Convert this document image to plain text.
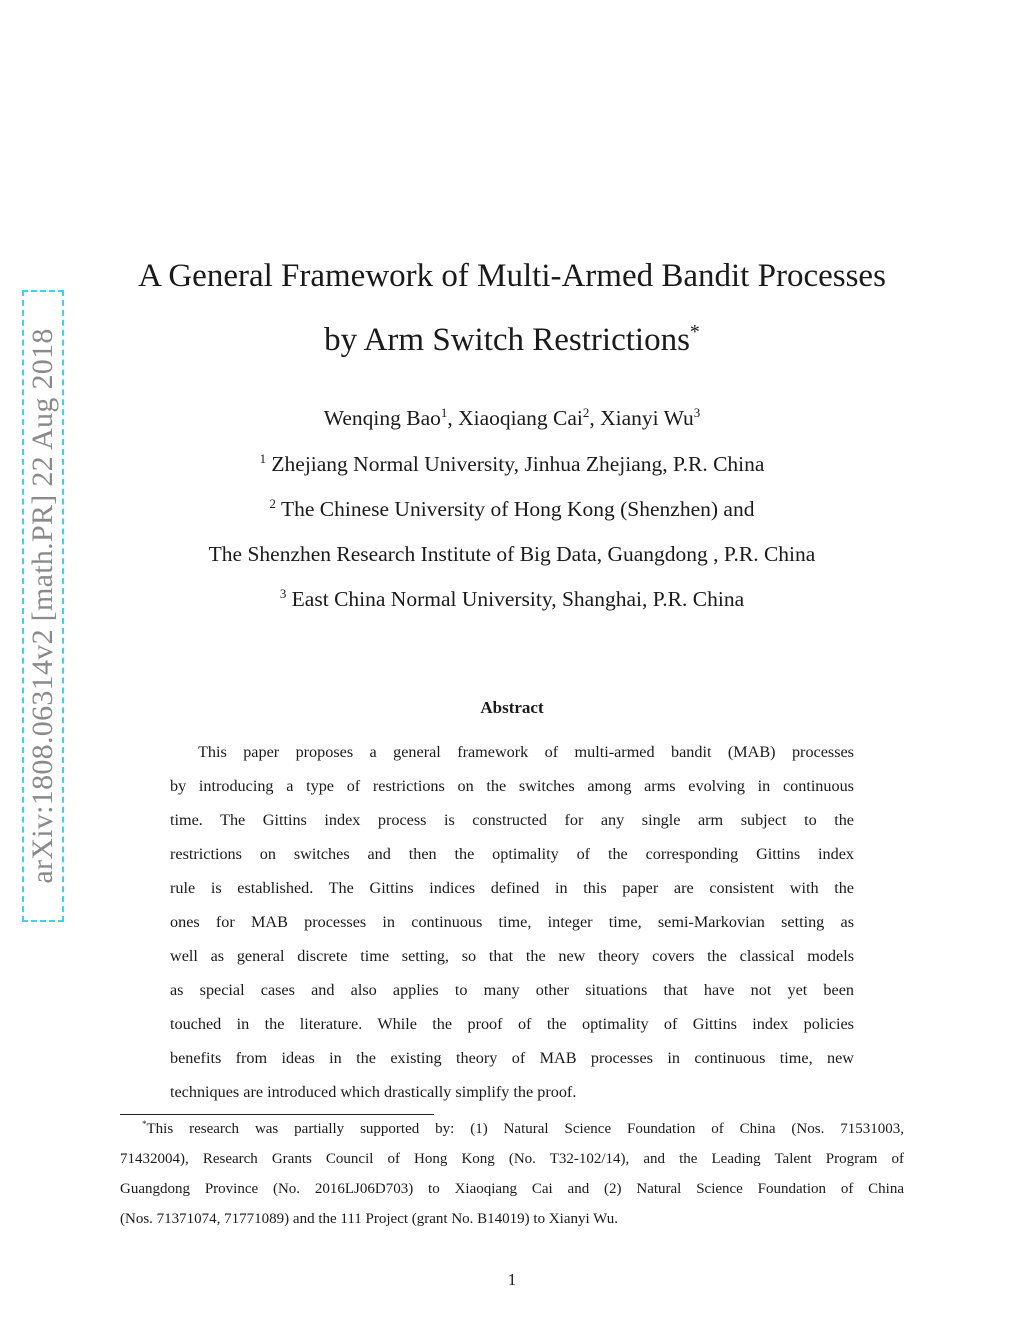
arXiv:1808.06314v2 [math.PR] 22 Aug 2018
A General Framework of Multi-Armed Bandit Processes
by Arm Switch Restrictions*
Wenqing Bao$^1$, Xiaoqiang Cai$^2$, Xianyi Wu$^3$
$^1$ Zhejiang Normal University, Jinhua Zhejiang, P.R. China
$^2$ The Chinese University of Hong Kong (Shenzhen) and
The Shenzhen Research Institute of Big Data, Guangdong , P.R. China
$^3$ East China Normal University, Shanghai, P.R. China
Abstract
This paper proposes a general framework of multi-armed bandit (MAB) processes
by introducing a type of restrictions on the switches among arms evolving in continuous
time. The Gittins index process is constructed for any single arm subject to the
restrictions on switches and then the optimality of the corresponding Gittins index
rule is established. The Gittins indices defined in this paper are consistent with the
ones for MAB processes in continuous time, integer time, semi-Markovian setting as
well as general discrete time setting, so that the new theory covers the classical models
as special cases and also applies to many other situations that have not yet been
touched in the literature. While the proof of the optimality of Gittins index policies
benefits from ideas in the existing theory of MAB processes in continuous time, new
techniques are introduced which drastically simplify the proof.
*This research was partially supported by: (1) Natural Science Foundation of China (Nos. 71531003,
71432004), Research Grants Council of Hong Kong (No. T32-102/14), and the Leading Talent Program of
Guangdong Province (No. 2016LJ06D703) to Xiaoqiang Cai and (2) Natural Science Foundation of China
(Nos. 71371074, 71771089) and the 111 Project (grant No. B14019) to Xianyi Wu.
1
